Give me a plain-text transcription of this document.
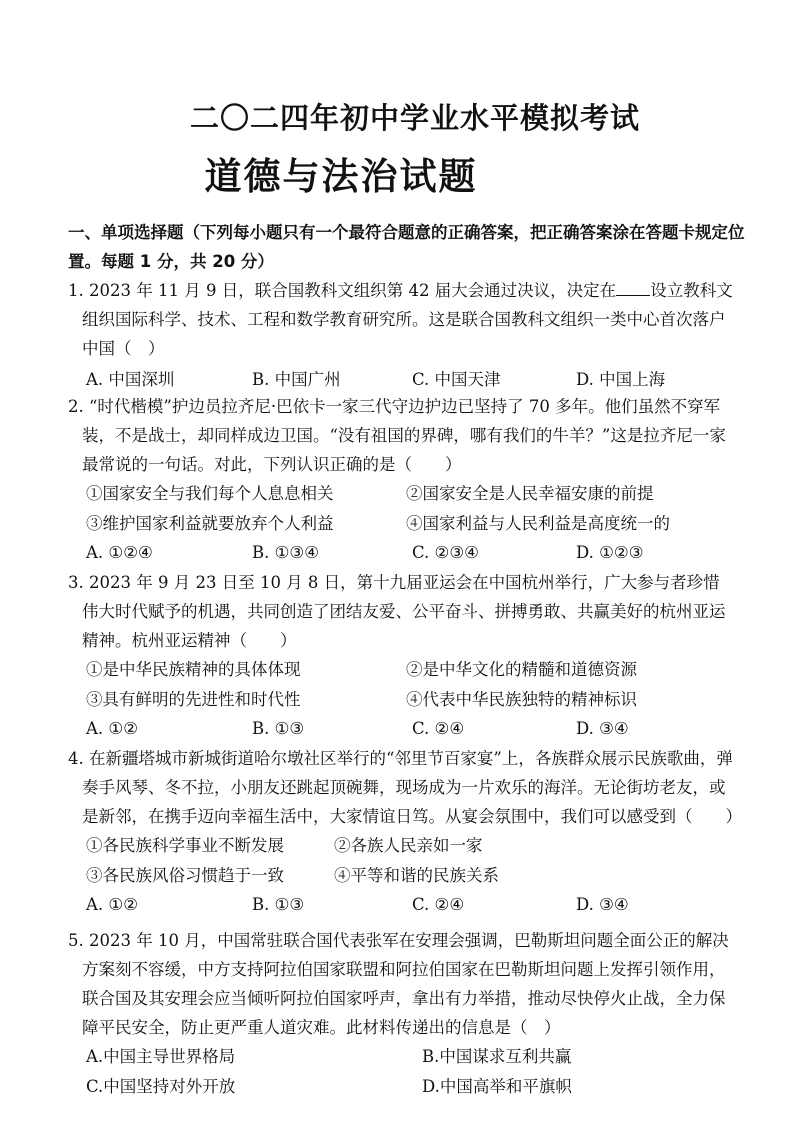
二〇二四年初中学业水平模拟考试
道德与法治试题
一、单项选择题（下列每小题只有一个最符合题意的正确答案，把正确答案涂在答题卡规定位置。每题 1 分，共 20 分）
1. 2023 年 11 月 9 日，联合国教科文组织第 42 届大会通过决议，决定在 设立教科文组织国际科学、技术、工程和数学教育研究所。这是联合国教科文组织一类中心首次落户中国（　）
A. 中国深圳	B. 中国广州	C. 中国天津	D. 中国上海
2. “时代楷模”护边员拉齐尼·巴依卡一家三代守边护边已坚持了 70 多年。他们虽然不穿军装，不是战士，却同样成边卫国。“没有祖国的界碑，哪有我们的牛羊？”这是拉齐尼一家最常说的一句话。对此，下列认识正确的是（　　）
①国家安全与我们每个人息息相关	②国家安全是人民幸福安康的前提
③维护国家利益就要放弃个人利益	④国家利益与人民利益是高度统一的
A. ①②④	B. ①③④	C. ②③④	D. ①②③
3. 2023 年 9 月 23 日至 10 月 8 日，第十九届亚运会在中国杭州举行，广大参与者珍惜伟大时代赋予的机遇，共同创造了团结友爱、公平奋斗、拼搏勇敢、共赢美好的杭州亚运精神。杭州亚运精神（　　）
①是中华民族精神的具体体现	②是中华文化的精髓和道德资源
③具有鲜明的先进性和时代性	④代表中华民族独特的精神标识
A. ①②	B. ①③	C. ②④	D. ③④
4. 在新疆塔城市新城街道哈尔墩社区举行的“邻里节百家宴”上，各族群众展示民族歌曲，弹奏手风琴、冬不拉，小朋友还跳起顶碗舞，现场成为一片欢乐的海洋。无论街坊老友，或是新邻，在携手迈向幸福生活中，大家情谊日笃。从宴会氛围中，我们可以感受到（　　）
①各民族科学事业不断发展	②各族人民亲如一家
③各民族风俗习惯趋于一致	④平等和谐的民族关系
A. ①②	B. ①③	C. ②④	D. ③④
5. 2023 年 10 月，中国常驻联合国代表张军在安理会强调，巴勒斯坦问题全面公正的解决方案刻不容缓，中方支持阿拉伯国家联盟和阿拉伯国家在巴勒斯坦问题上发挥引领作用，联合国及其安理会应当倾听阿拉伯国家呼声，拿出有力举措，推动尽快停火止战，全力保障平民安全，防止更严重人道灾难。此材料传递出的信息是（　）
A.中国主导世界格局	B.中国谋求互利共赢
C.中国坚持对外开放	D.中国高举和平旗帜
